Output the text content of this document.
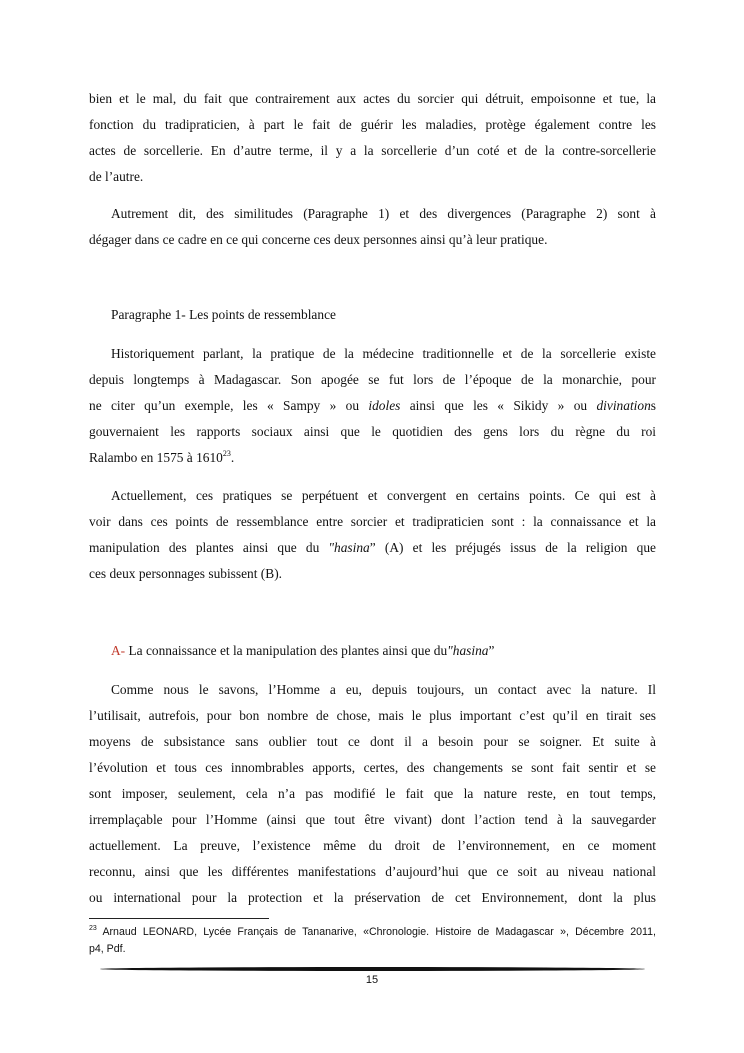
bien et le mal, du fait que contrairement aux actes du sorcier qui détruit, empoisonne et tue, la
fonction du tradipraticien, à part le fait de guérir les maladies, protège également contre les
actes de sorcellerie. En d’autre terme, il y a la sorcellerie d’un coté et de la contre-sorcellerie
de l’autre.
Autrement dit, des similitudes (Paragraphe 1) et des divergences (Paragraphe 2) sont à
dégager dans ce cadre en ce qui concerne ces deux personnes ainsi qu’à leur pratique.
Paragraphe 1- Les points de ressemblance
Historiquement parlant, la pratique de la médecine traditionnelle et de la sorcellerie existe
depuis longtemps à Madagascar. Son apogée se fut lors de l’époque de la monarchie, pour
ne citer qu’un exemple, les « Sampy » ou idoles ainsi que les « Sikidy » ou divinations
gouvernaient les rapports sociaux ainsi que le quotidien des gens lors du règne du roi
Ralambo en 1575 à 1610$^{23}$.
Actuellement, ces pratiques se perpétuent et convergent en certains points. Ce qui est à
voir dans ces points de ressemblance entre sorcier et tradipraticien sont : la connaissance et la
manipulation des plantes ainsi que du "hasina” (A) et les préjugés issus de la religion que
ces deux personnages subissent (B).
A- La connaissance et la manipulation des plantes ainsi que du"hasina”
Comme nous le savons, l’Homme a eu, depuis toujours, un contact avec la nature. Il
l’utilisait, autrefois, pour bon nombre de chose, mais le plus important c’est qu’il en tirait ses
moyens de subsistance sans oublier tout ce dont il a besoin pour se soigner. Et suite à
l’évolution et tous ces innombrables apports, certes, des changements se sont fait sentir et se
sont imposer, seulement, cela n’a pas modifié le fait que la nature reste, en tout temps,
irremplaçable pour l’Homme (ainsi que tout être vivant) dont l’action tend à la sauvegarder
actuellement. La preuve, l’existence même du droit de l’environnement, en ce moment
reconnu, ainsi que les différentes manifestations d’aujourd’hui que ce soit au niveau national
ou international pour la protection et la préservation de cet Environnement, dont la plus
$^{23}$ Arnaud LEONARD, Lycée Français de Tananarive, «Chronologie. Histoire de Madagascar », Décembre 2011,
p4, Pdf.
15
